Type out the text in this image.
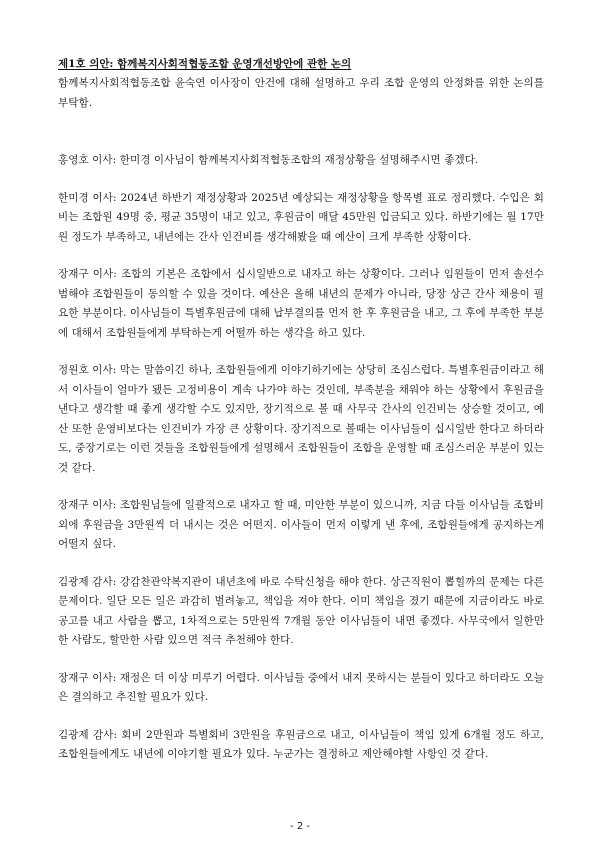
제1호 의안: 함께복지사회적협동조합 운영개선방안에 관한 논의

함께복지사회적협동조합 윤숙연 이사장이 안건에 대해 설명하고 우리 조합 운영의 안정화를 위한 논의를 부탁함.

홍영호 이사: 한미경 이사님이 함께복지사회적협동조합의 재정상황을 설명해주시면 좋겠다.

한미경 이사: 2024년 하반기 재정상황과 2025년 예상되는 재정상황을 항목별 표로 정리했다. 수입은 회비는 조합원 49명 중, 평균 35명이 내고 있고, 후원금이 매달 45만원 입금되고 있다. 하반기에는 월 17만 원 정도가 부족하고, 내년에는 간사 인건비를 생각해봤을 때 예산이 크게 부족한 상황이다.

장재구 이사: 조합의 기본은 조합에서 십시일반으로 내자고 하는 상황이다. 그러나 임원들이 먼저 솔선수범해야 조합원들이 동의할 수 있을 것이다. 예산은 올해 내년의 문제가 아니라, 당장 상근 간사 채용이 필요한 부분이다. 이사님들이 특별후원금에 대해 납부결의를 먼저 한 후 후원금을 내고, 그 후에 부족한 부분에 대해서 조합원들에게 부탁하는게 어떨까 하는 생각을 하고 있다.

정원호 이사: 막는 말씀이긴 하나, 조합원들에게 이야기하기에는 상당히 조심스럽다. 특별후원금이라고 해서 이사들이 얼마가 됐든 고정비용이 계속 나가야 하는 것인데, 부족분을 채워야 하는 상황에서 후원금을 낸다고 생각할 때 좋게 생각할 수도 있지만, 장기적으로 볼 때 사무국 간사의 인건비는 상승할 것이고, 예산 또한 운영비보다는 인건비가 가장 큰 상황이다. 장기적으로 볼때는 이사님들이 십시일반 한다고 하더라도, 중장기로는 이런 것들을 조합원들에게 설명해서 조합원들이 조합을 운영할 때 조심스러운 부분이 있는 것 같다.

장재구 이사: 조합원님들에 일괄적으로 내자고 할 때, 미안한 부분이 있으니까, 지금 다들 이사님들 조합비 외에 후원금을 3만원씩 더 내시는 것은 어떤지. 이사들이 먼저 이렇게 낸 후에, 조합원들에게 공지하는게 어떨지 싶다.

김광제 감사: 강감찬관악복지관이 내년초에 바로 수탁신청을 해야 한다. 상근직원이 뽑힐까의 문제는 다른 문제이다. 일단 모든 일은 과감히 벌려놓고, 책임을 져야 한다. 이미 책임을 졌기 때문에 지금이라도 바로 공고를 내고 사람을 뽑고, 1차적으로는 5만원씩 7개월 동안 이사님들이 내면 좋겠다. 사무국에서 일한만한 사람도, 할만한 사람 있으면 적극 추천해야 한다.

장재구 이사: 재정은 더 이상 미루기 어렵다. 이사님들 중에서 내지 못하시는 분들이 있다고 하더라도 오늘은 결의하고 추진할 필요가 있다.

김광제 감사: 회비 2만원과 특별회비 3만원을 후원금으로 내고, 이사님들이 책임 있게 6개월 정도 하고, 조합원들에게도 내년에 이야기할 필요가 있다. 누군가는 결정하고 제안해야할 사항인 것 같다.

- 2 -
